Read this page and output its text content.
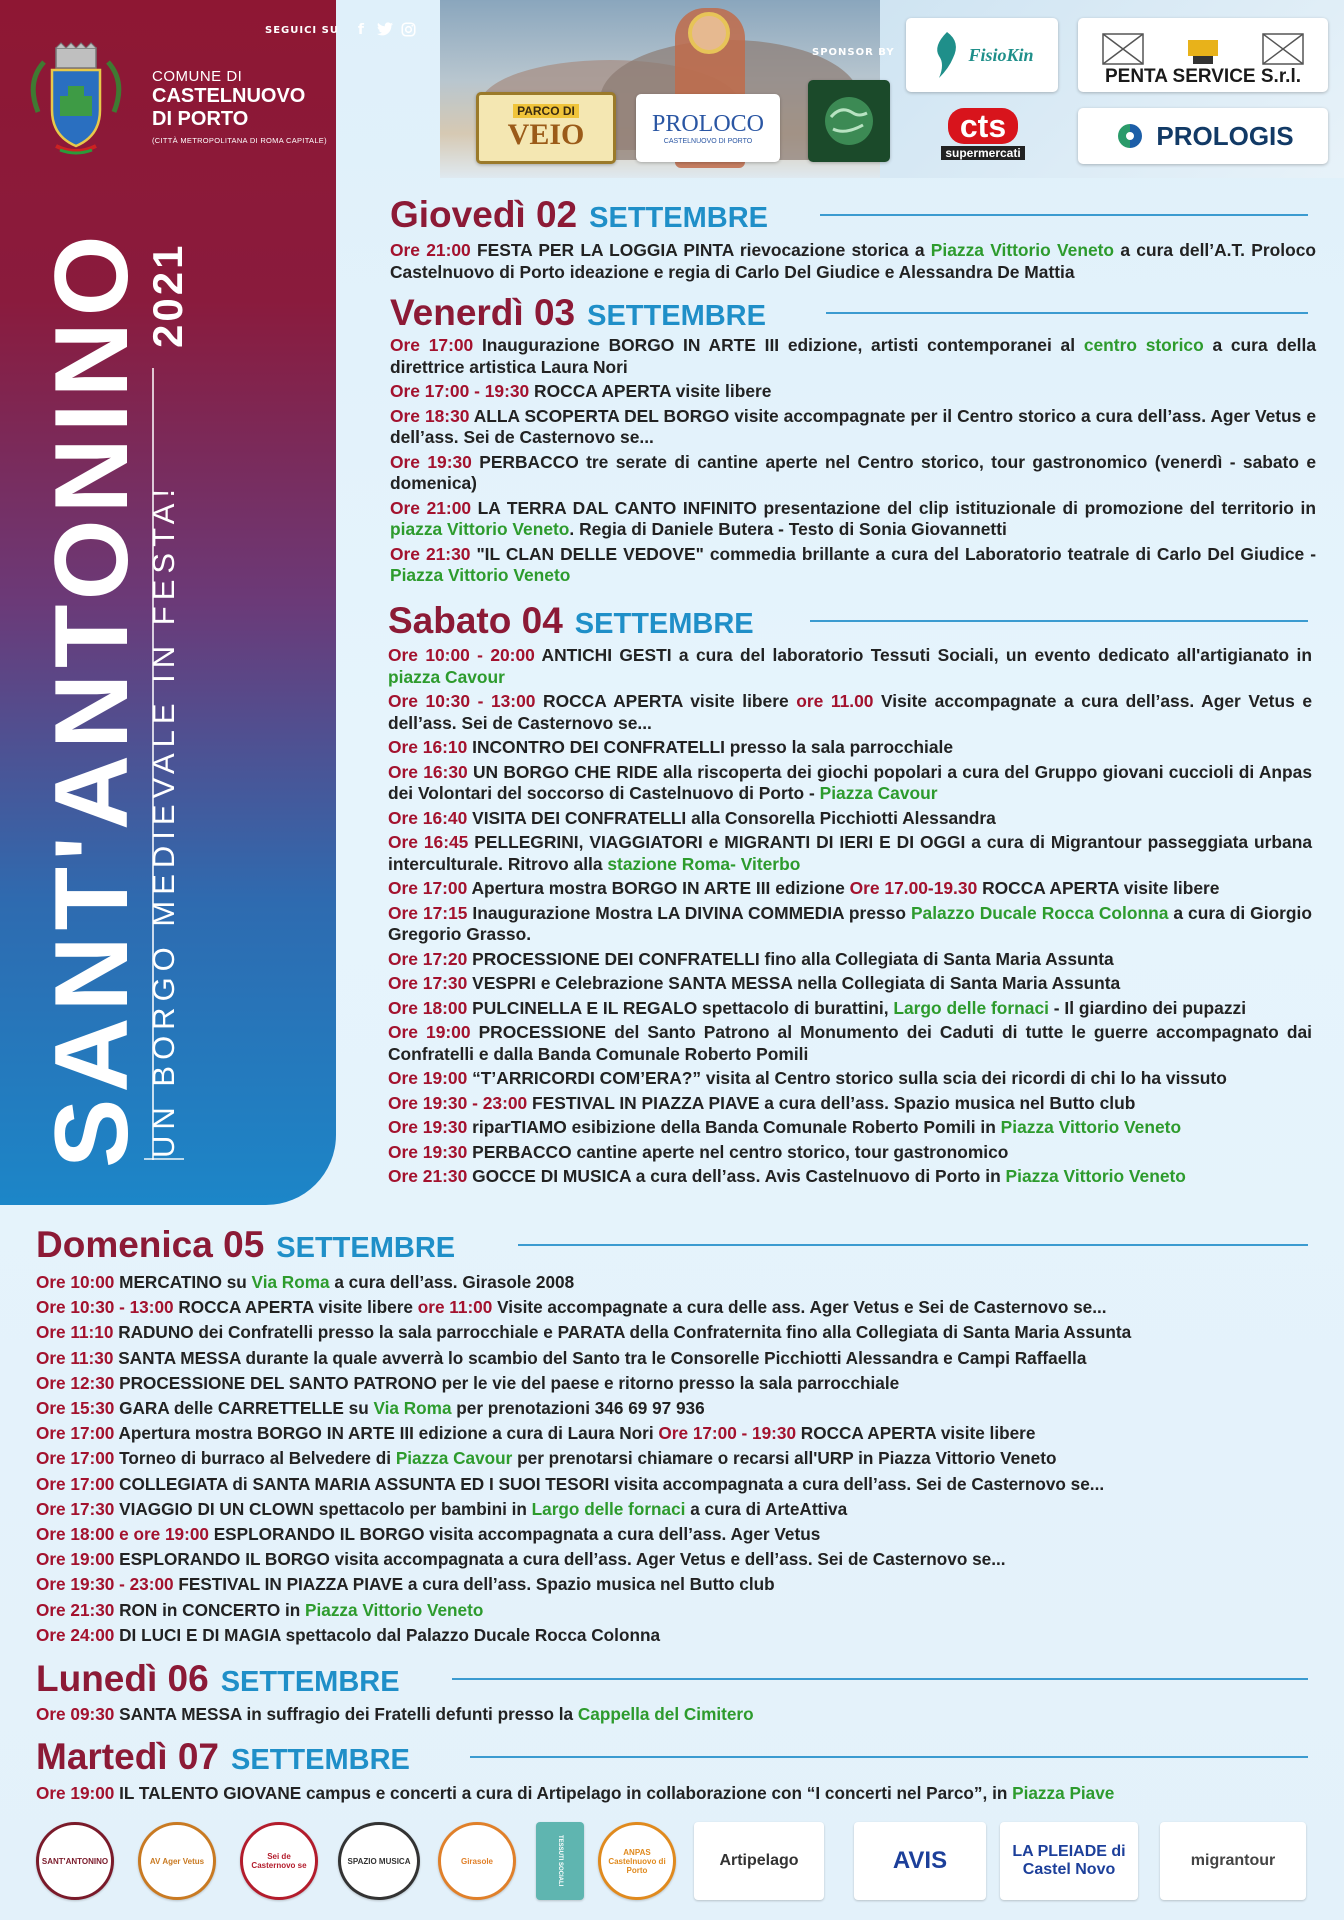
SEGUICI SU	f
COMUNE DI
CASTELNUOVO
DI PORTO
(CITTÀ METROPOLITANA DI ROMA CAPITALE)
SANT'ANTONINO
UN BORGO MEDIEVALE IN FESTA!
2021
SPONSOR BY
PARCO DI
VEIO	PROLOCO
CASTELNUOVO DI PORTO
FisioKin
cts
supermercati
PENTA SERVICE S.r.l.
PROLOGIS
Giovedì 02 SETTEMBRE
Ore 21:00 FESTA PER LA LOGGIA PINTA rievocazione storica a Piazza Vittorio Veneto a cura dell’A.T. Proloco Castelnuovo di Porto ideazione e regia di Carlo Del Giudice e Alessandra De Mattia
Venerdì 03 SETTEMBRE
Ore 17:00 Inaugurazione BORGO IN ARTE III edizione, artisti contemporanei al centro storico a cura della direttrice artistica Laura Nori
Ore 17:00 - 19:30 ROCCA APERTA visite libere
Ore 18:30 ALLA SCOPERTA DEL BORGO visite accompagnate per il Centro storico a cura dell’ass. Ager Vetus e dell’ass. Sei de Casternovo se...
Ore 19:30 PERBACCO tre serate di cantine aperte nel Centro storico, tour gastronomico (venerdì - sabato e domenica)
Ore 21:00 LA TERRA DAL CANTO INFINITO presentazione del clip istituzionale di promozione del territorio in piazza Vittorio Veneto. Regia di Daniele Butera - Testo di Sonia Giovannetti
Ore 21:30 "IL CLAN DELLE VEDOVE" commedia brillante a cura del Laboratorio teatrale di Carlo Del Giudice - Piazza Vittorio Veneto
Sabato 04 SETTEMBRE
Ore 10:00 - 20:00 ANTICHI GESTI a cura del laboratorio Tessuti Sociali, un evento dedicato all'artigianato in piazza Cavour
Ore 10:30 - 13:00 ROCCA APERTA visite libere ore 11.00 Visite accompagnate a cura dell’ass. Ager Vetus e dell’ass. Sei de Casternovo se...
Ore 16:10 INCONTRO DEI CONFRATELLI presso la sala parrocchiale
Ore 16:30 UN BORGO CHE RIDE alla riscoperta dei giochi popolari a cura del Gruppo giovani cuccioli di Anpas dei Volontari del soccorso di Castelnuovo di Porto - Piazza Cavour
Ore 16:40 VISITA DEI CONFRATELLI alla Consorella Picchiotti Alessandra
Ore 16:45 PELLEGRINI, VIAGGIATORI e MIGRANTI DI IERI E DI OGGI a cura di Migrantour passeggiata urbana interculturale. Ritrovo alla stazione Roma- Viterbo
Ore 17:00 Apertura mostra BORGO IN ARTE III edizione Ore 17.00-19.30 ROCCA APERTA visite libere
Ore 17:15 Inaugurazione Mostra LA DIVINA COMMEDIA presso Palazzo Ducale Rocca Colonna a cura di Giorgio Gregorio Grasso.
Ore 17:20 PROCESSIONE DEI CONFRATELLI fino alla Collegiata di Santa Maria Assunta
Ore 17:30 VESPRI e Celebrazione SANTA MESSA nella Collegiata di Santa Maria Assunta
Ore 18:00 PULCINELLA E IL REGALO spettacolo di burattini, Largo delle fornaci - Il giardino dei pupazzi
Ore 19:00 PROCESSIONE del Santo Patrono al Monumento dei Caduti di tutte le guerre accompagnato dai Confratelli e dalla Banda Comunale Roberto Pomili
Ore 19:00 “T’ARRICORDI COM’ERA?” visita al Centro storico sulla scia dei ricordi di chi lo ha vissuto
Ore 19:30 - 23:00 FESTIVAL IN PIAZZA PIAVE a cura dell’ass. Spazio musica nel Butto club
Ore 19:30 riparTIAMO esibizione della Banda Comunale Roberto Pomili in Piazza Vittorio Veneto
Ore 19:30 PERBACCO cantine aperte nel centro storico, tour gastronomico
Ore 21:30 GOCCE DI MUSICA a cura dell’ass. Avis Castelnuovo di Porto in Piazza Vittorio Veneto
Domenica 05 SETTEMBRE
Ore 10:00 MERCATINO su Via Roma a cura dell’ass. Girasole 2008
Ore 10:30 - 13:00 ROCCA APERTA visite libere ore 11:00 Visite accompagnate a cura delle ass. Ager Vetus e Sei de Casternovo se...
Ore 11:10 RADUNO dei Confratelli presso la sala parrocchiale e PARATA della Confraternita fino alla Collegiata di Santa Maria Assunta
Ore 11:30 SANTA MESSA durante la quale avverrà lo scambio del Santo tra le Consorelle Picchiotti Alessandra e Campi Raffaella
Ore 12:30 PROCESSIONE DEL SANTO PATRONO per le vie del paese e ritorno presso la sala parrocchiale
Ore 15:30 GARA delle CARRETTELLE su Via Roma per prenotazioni 346 69 97 936
Ore 17:00 Apertura mostra BORGO IN ARTE III edizione a cura di Laura Nori Ore 17:00 - 19:30 ROCCA APERTA visite libere
Ore 17:00 Torneo di burraco al Belvedere di Piazza Cavour per prenotarsi chiamare o recarsi all'URP in Piazza Vittorio Veneto
Ore 17:00 COLLEGIATA di SANTA MARIA ASSUNTA ED I SUOI TESORI visita accompagnata a cura dell’ass. Sei de Casternovo se...
Ore 17:30 VIAGGIO DI UN CLOWN spettacolo per bambini in Largo delle fornaci a cura di ArteAttiva
Ore 18:00 e ore 19:00 ESPLORANDO IL BORGO visita accompagnata a cura dell’ass. Ager Vetus
Ore 19:00 ESPLORANDO IL BORGO visita accompagnata a cura dell’ass. Ager Vetus e dell’ass. Sei de Casternovo se...
Ore 19:30 - 23:00 FESTIVAL IN PIAZZA PIAVE a cura dell’ass. Spazio musica nel Butto club
Ore 21:30 RON in CONCERTO in Piazza Vittorio Veneto
Ore 24:00 DI LUCI E DI MAGIA spettacolo dal Palazzo Ducale Rocca Colonna
Lunedì 06 SETTEMBRE
Ore 09:30 SANTA MESSA in suffragio dei Fratelli defunti presso la Cappella del Cimitero
Martedì 07 SETTEMBRE
Ore 19:00 IL TALENTO GIOVANE campus e concerti a cura di Artipelago in collaborazione con “I concerti nel Parco”, in Piazza Piave
SANT'ANTONINO	AV Ager Vetus	Sei de Casternovo se	SPAZIO MUSICA	Girasole	TESSUTI SOCIALI	ANPAS Castelnuovo di Porto
Artipelago	AVIS	LA PLEIADE di Castel Novo
migrantour
